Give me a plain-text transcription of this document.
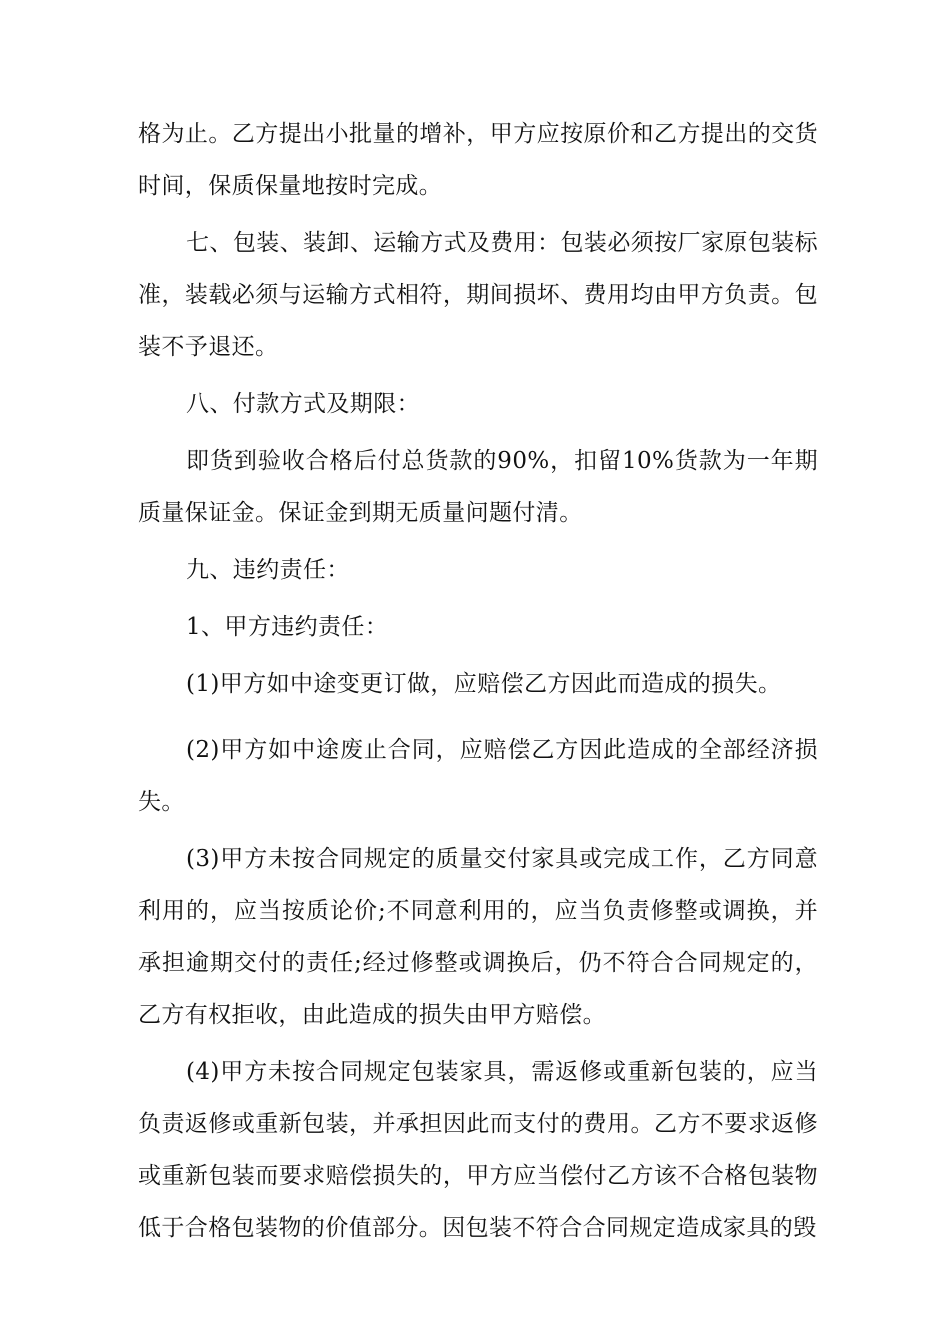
格为止。乙方提出小批量的增补，甲方应按原价和乙方提出的交货时间，保质保量地按时完成。

七、包装、装卸、运输方式及费用：包装必须按厂家原包装标准，装载必须与运输方式相符，期间损坏、费用均由甲方负责。包装不予退还。

八、付款方式及期限：

即货到验收合格后付总货款的90%，扣留10%货款为一年期质量保证金。保证金到期无质量问题付清。

九、违约责任：

1、甲方违约责任：

(1)甲方如中途变更订做，应赔偿乙方因此而造成的损失。

(2)甲方如中途废止合同，应赔偿乙方因此造成的全部经济损失。

(3)甲方未按合同规定的质量交付家具或完成工作，乙方同意利用的，应当按质论价;不同意利用的，应当负责修整或调换，并承担逾期交付的责任;经过修整或调换后，仍不符合合同规定的，乙方有权拒收，由此造成的损失由甲方赔偿。

(4)甲方未按合同规定包装家具，需返修或重新包装的，应当负责返修或重新包装，并承担因此而支付的费用。乙方不要求返修或重新包装而要求赔偿损失的，甲方应当偿付乙方该不合格包装物低于合格包装物的价值部分。因包装不符合合同规定造成家具的毁
